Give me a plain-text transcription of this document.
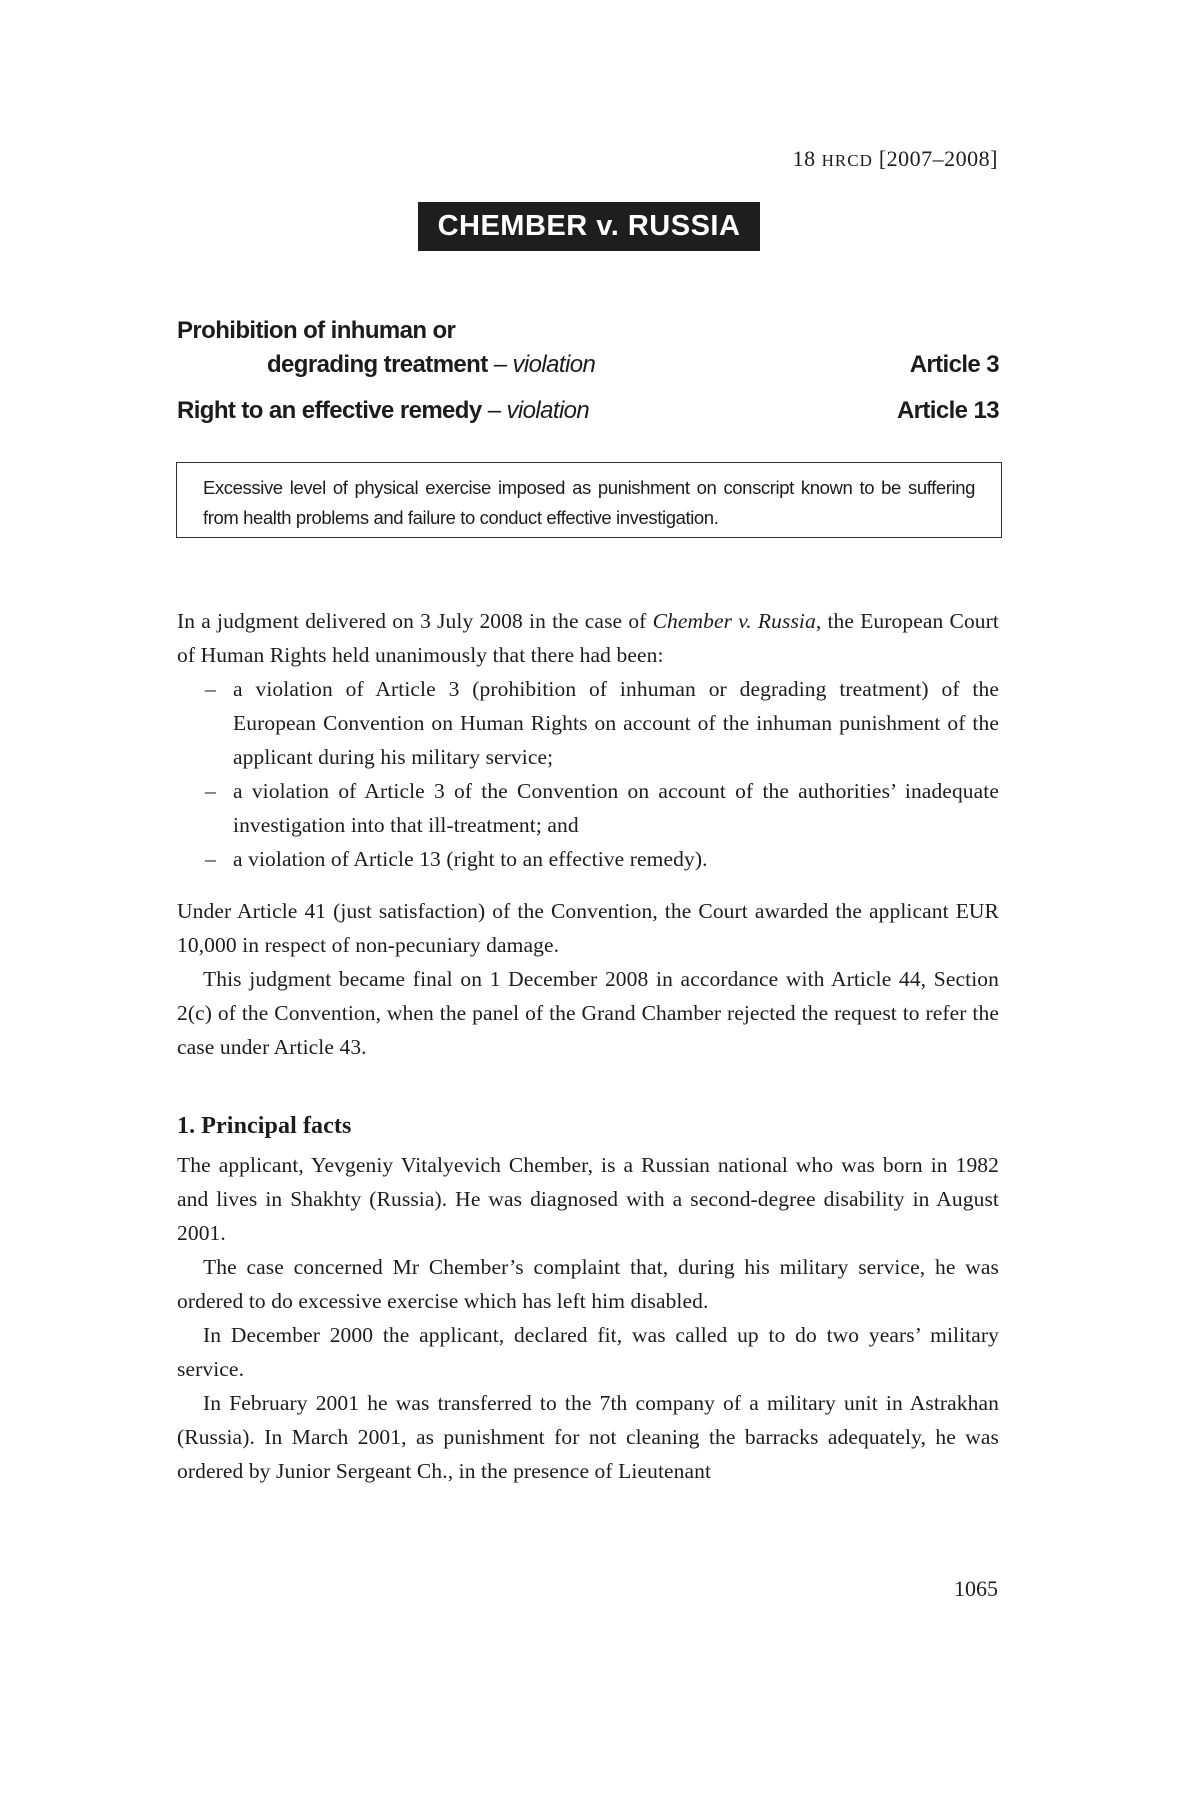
18 HRCD [2007–2008]
CHEMBER v. RUSSIA
Prohibition of inhuman or
degrading treatment – violation	Article 3
Right to an effective remedy – violation	Article 13
Excessive level of physical exercise imposed as punishment on conscript known to be suffering from health problems and failure to conduct effective investigation.

In a judgment delivered on 3 July 2008 in the case of Chember v. Russia, the European Court of Human Rights held unanimously that there had been:

– a violation of Article 3 (prohibition of inhuman or degrading treatment) of the European Convention on Human Rights on account of the inhuman punishment of the applicant during his military service;
– a violation of Article 3 of the Convention on account of the authorities’ inadequate investigation into that ill-treatment; and
– a violation of Article 13 (right to an effective remedy).

Under Article 41 (just satisfaction) of the Convention, the Court awarded the applicant EUR 10,000 in respect of non-pecuniary damage.

This judgment became final on 1 December 2008 in accordance with Article 44, Section 2(c) of the Convention, when the panel of the Grand Chamber rejected the request to refer the case under Article 43.

1. Principal facts

The applicant, Yevgeniy Vitalyevich Chember, is a Russian national who was born in 1982 and lives in Shakhty (Russia). He was diagnosed with a second-degree disability in August 2001.

The case concerned Mr Chember’s complaint that, during his military service, he was ordered to do excessive exercise which has left him disabled.

In December 2000 the applicant, declared fit, was called up to do two years’ military service.

In February 2001 he was transferred to the 7th company of a military unit in Astrakhan (Russia). In March 2001, as punishment for not cleaning the barracks adequately, he was ordered by Junior Sergeant Ch., in the presence of Lieutenant

1065
